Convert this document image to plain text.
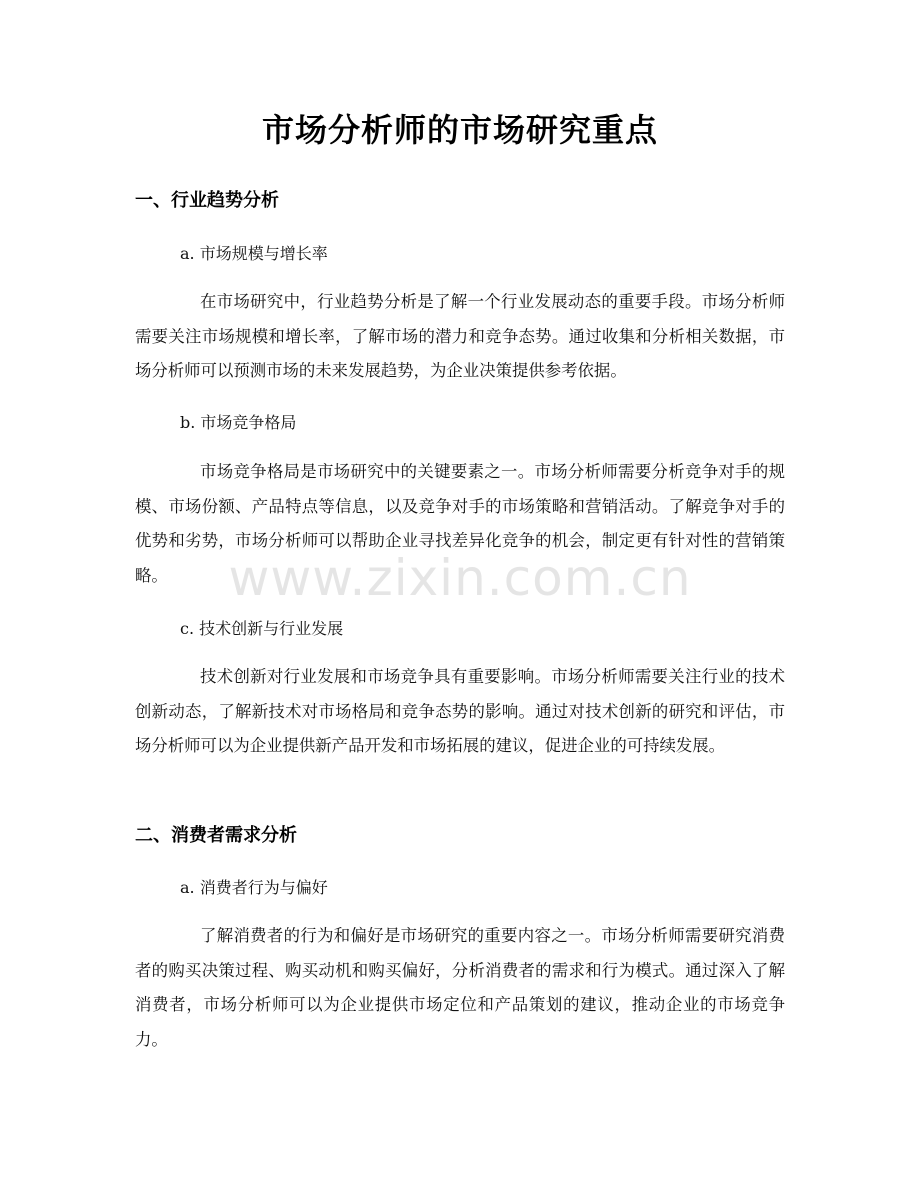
市场分析师的市场研究重点
一、行业趋势分析
a. 市场规模与增长率

在市场研究中，行业趋势分析是了解一个行业发展动态的重要手段。市场分析师需要关注市场规模和增长率，了解市场的潜力和竞争态势。通过收集和分析相关数据，市场分析师可以预测市场的未来发展趋势，为企业决策提供参考依据。

b. 市场竞争格局

市场竞争格局是市场研究中的关键要素之一。市场分析师需要分析竞争对手的规模、市场份额、产品特点等信息，以及竞争对手的市场策略和营销活动。了解竞争对手的优势和劣势，市场分析师可以帮助企业寻找差异化竞争的机会，制定更有针对性的营销策略。

c. 技术创新与行业发展

技术创新对行业发展和市场竞争具有重要影响。市场分析师需要关注行业的技术创新动态，了解新技术对市场格局和竞争态势的影响。通过对技术创新的研究和评估，市场分析师可以为企业提供新产品开发和市场拓展的建议，促进企业的可持续发展。

二、消费者需求分析
a. 消费者行为与偏好

了解消费者的行为和偏好是市场研究的重要内容之一。市场分析师需要研究消费者的购买决策过程、购买动机和购买偏好，分析消费者的需求和行为模式。通过深入了解消费者，市场分析师可以为企业提供市场定位和产品策划的建议，推动企业的市场竞争力。

www.zixin.com.cn
